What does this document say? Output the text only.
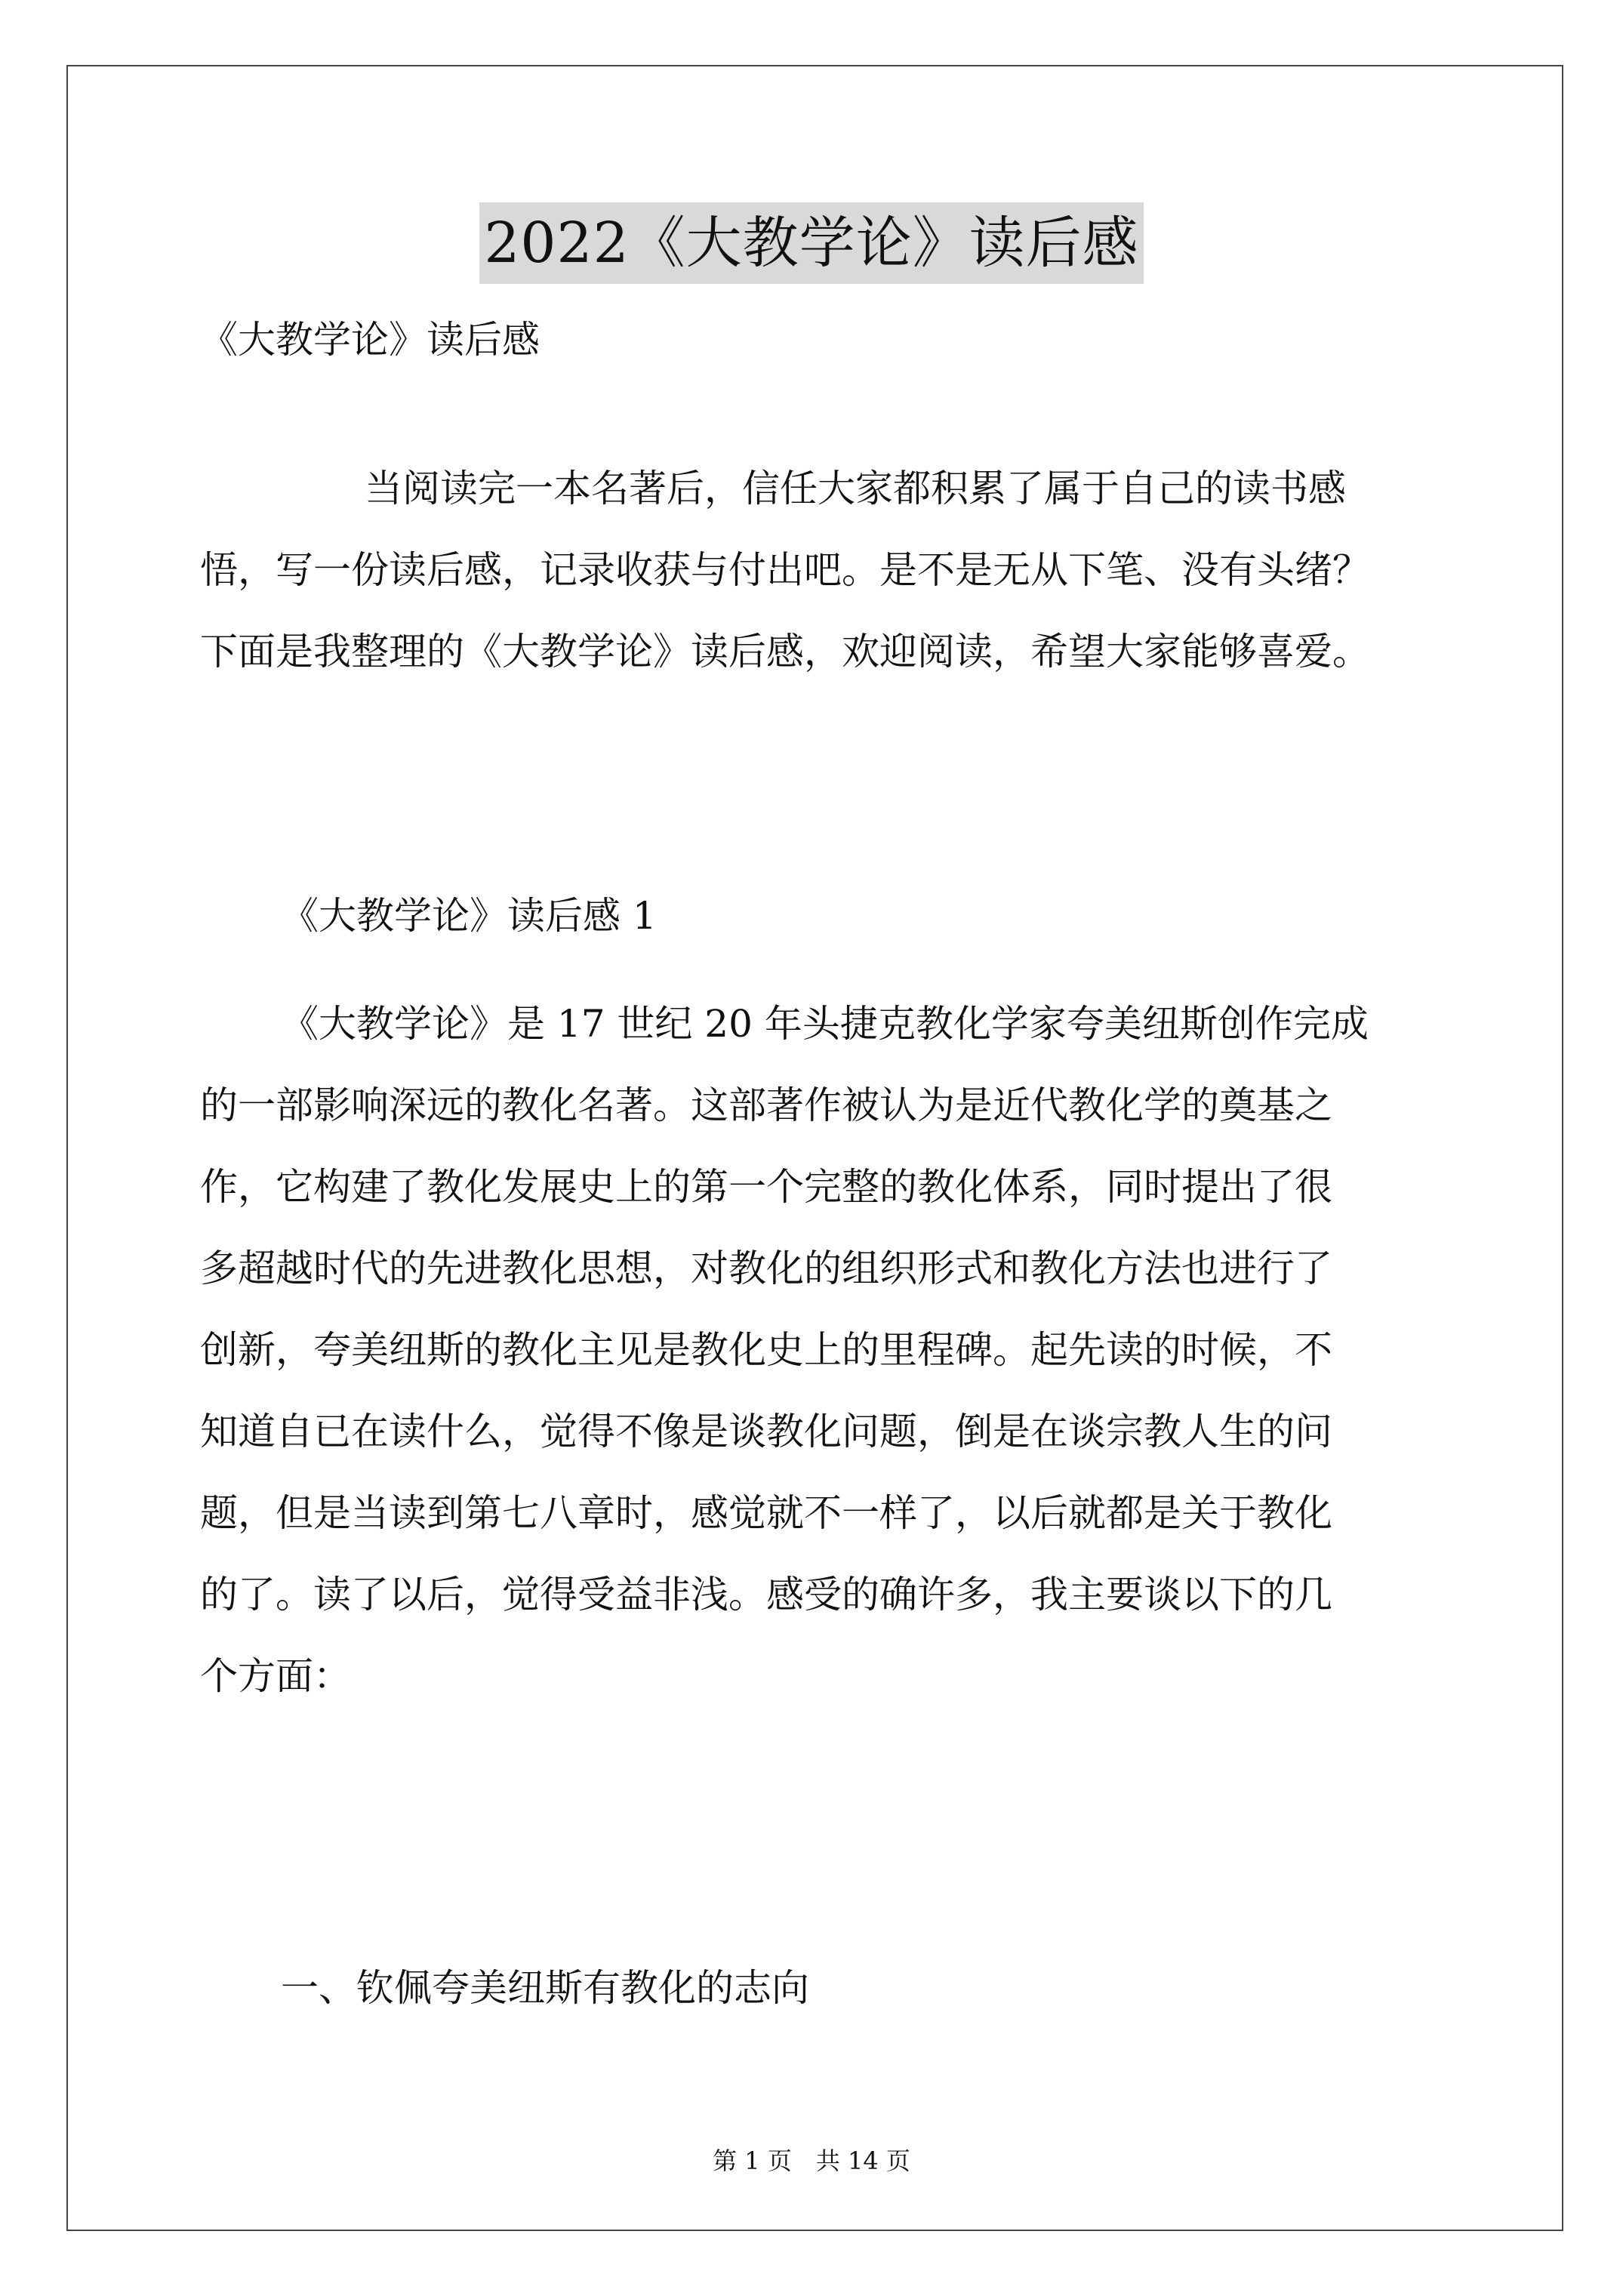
2022《大教学论》读后感
《大教学论》读后感
当阅读完一本名著后，信任大家都积累了属于自己的读书感
悟，写一份读后感，记录收获与付出吧。是不是无从下笔、没有头绪？
下面是我整理的《大教学论》读后感，欢迎阅读，希望大家能够喜爱。
《大教学论》读后感 1
《大教学论》是 17 世纪 20 年头捷克教化学家夸美纽斯创作完成
的一部影响深远的教化名著。这部著作被认为是近代教化学的奠基之
作，它构建了教化发展史上的第一个完整的教化体系，同时提出了很
多超越时代的先进教化思想，对教化的组织形式和教化方法也进行了
创新，夸美纽斯的教化主见是教化史上的里程碑。起先读的时候，不
知道自已在读什么，觉得不像是谈教化问题，倒是在谈宗教人生的问
题，但是当读到第七八章时，感觉就不一样了，以后就都是关于教化
的了。读了以后，觉得受益非浅。感受的确许多，我主要谈以下的几
个方面：
一、钦佩夸美纽斯有教化的志向
第 1 页　共 14 页
